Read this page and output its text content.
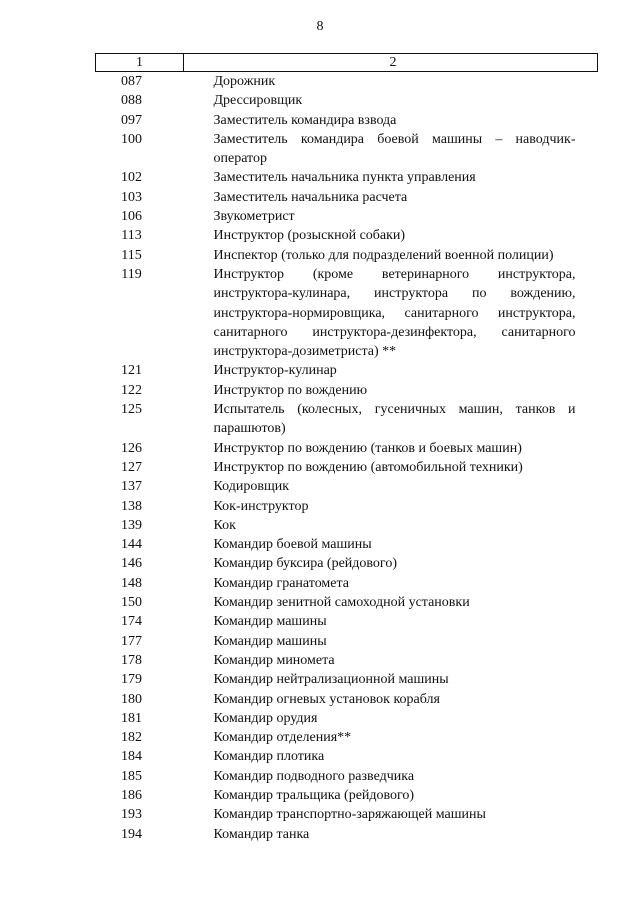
8
1	2
087	Дорожник
088	Дрессировщик
097	Заместитель командира взвода
100	Заместитель командира боевой машины – наводчик-оператор
102	Заместитель начальника пункта управления
103	Заместитель начальника расчета
106	Звукометрист
113	Инструктор (розыскной собаки)
115	Инспектор (только для подразделений военной полиции)
119	Инструктор (кроме ветеринарного инструктора, инструктора-кулинара, инструктора по вождению, инструктора-нормировщика, санитарного инструктора, санитарного инструктора-дезинфектора, санитарного инструктора-дозиметриста) **
121	Инструктор-кулинар
122	Инструктор по вождению
125	Испытатель (колесных, гусеничных машин, танков и парашютов)
126	Инструктор по вождению (танков и боевых машин)
127	Инструктор по вождению (автомобильной техники)
137	Кодировщик
138	Кок-инструктор
139	Кок
144	Командир боевой машины
146	Командир буксира (рейдового)
148	Командир гранатомета
150	Командир зенитной самоходной установки
174	Командир машины
177	Командир машины
178	Командир миномета
179	Командир нейтрализационной машины
180	Командир огневых установок корабля
181	Командир орудия
182	Командир отделения**
184	Командир плотика
185	Командир подводного разведчика
186	Командир тральщика (рейдового)
193	Командир транспортно-заряжающей машины
194	Командир танка
